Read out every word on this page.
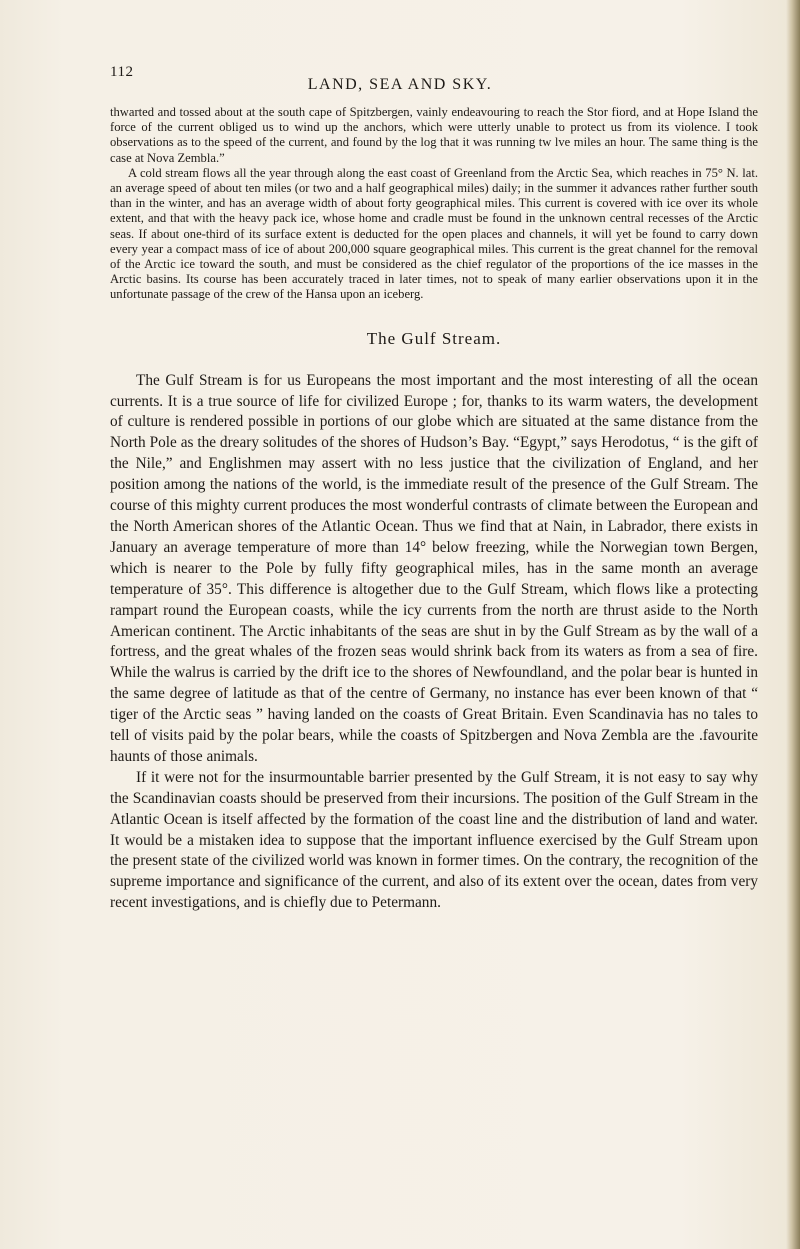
112
LAND, SEA AND SKY.

thwarted and tossed about at the south cape of Spitzbergen, vainly endeavouring to reach the Stor fiord, and at Hope Island the force of the current obliged us to wind up the anchors, which were utterly unable to protect us from its violence. I took observations as to the speed of the current, and found by the log that it was running tw lve miles an hour. The same thing is the case at Nova Zembla.”

A cold stream flows all the year through along the east coast of Greenland from the Arctic Sea, which reaches in 75° N. lat. an average speed of about ten miles (or two and a half geographical miles) daily; in the summer it advances rather further south than in the winter, and has an average width of about forty geographical miles. This current is covered with ice over its whole extent, and that with the heavy pack ice, whose home and cradle must be found in the unknown central recesses of the Arctic seas. If about one-third of its surface extent is deducted for the open places and channels, it will yet be found to carry down every year a compact mass of ice of about 200,000 square geographical miles. This current is the great channel for the removal of the Arctic ice toward the south, and must be considered as the chief regulator of the proportions of the ice masses in the Arctic basins. Its course has been accurately traced in later times, not to speak of many earlier observations upon it in the unfortunate passage of the crew of the Hansa upon an iceberg.

The Gulf Stream.

The Gulf Stream is for us Europeans the most important and the most interesting of all the ocean currents. It is a true source of life for civilized Europe ; for, thanks to its warm waters, the development of culture is rendered possible in portions of our globe which are situated at the same distance from the North Pole as the dreary solitudes of the shores of Hudson’s Bay. “Egypt,” says Herodotus, “ is the gift of the Nile,” and Englishmen may assert with no less justice that the civilization of England, and her position among the nations of the world, is the immediate result of the presence of the Gulf Stream. The course of this mighty current produces the most wonderful contrasts of climate between the European and the North American shores of the Atlantic Ocean. Thus we find that at Nain, in Labrador, there exists in January an average temperature of more than 14° below freezing, while the Norwegian town Bergen, which is nearer to the Pole by fully fifty geographical miles, has in the same month an average temperature of 35°. This difference is altogether due to the Gulf Stream, which flows like a protecting rampart round the European coasts, while the icy currents from the north are thrust aside to the North American continent. The Arctic inhabitants of the seas are shut in by the Gulf Stream as by the wall of a fortress, and the great whales of the frozen seas would shrink back from its waters as from a sea of fire. While the walrus is carried by the drift ice to the shores of Newfoundland, and the polar bear is hunted in the same degree of latitude as that of the centre of Germany, no instance has ever been known of that “ tiger of the Arctic seas ” having landed on the coasts of Great Britain. Even Scandinavia has no tales to tell of visits paid by the polar bears, while the coasts of Spitzbergen and Nova Zembla are the .favourite haunts of those animals.

If it were not for the insurmountable barrier presented by the Gulf Stream, it is not easy to say why the Scandinavian coasts should be preserved from their incursions. The position of the Gulf Stream in the Atlantic Ocean is itself affected by the formation of the coast line and the distribution of land and water. It would be a mistaken idea to suppose that the important influence exercised by the Gulf Stream upon the present state of the civilized world was known in former times. On the contrary, the recognition of the supreme importance and significance of the current, and also of its extent over the ocean, dates from very recent investigations, and is chiefly due to Petermann.
